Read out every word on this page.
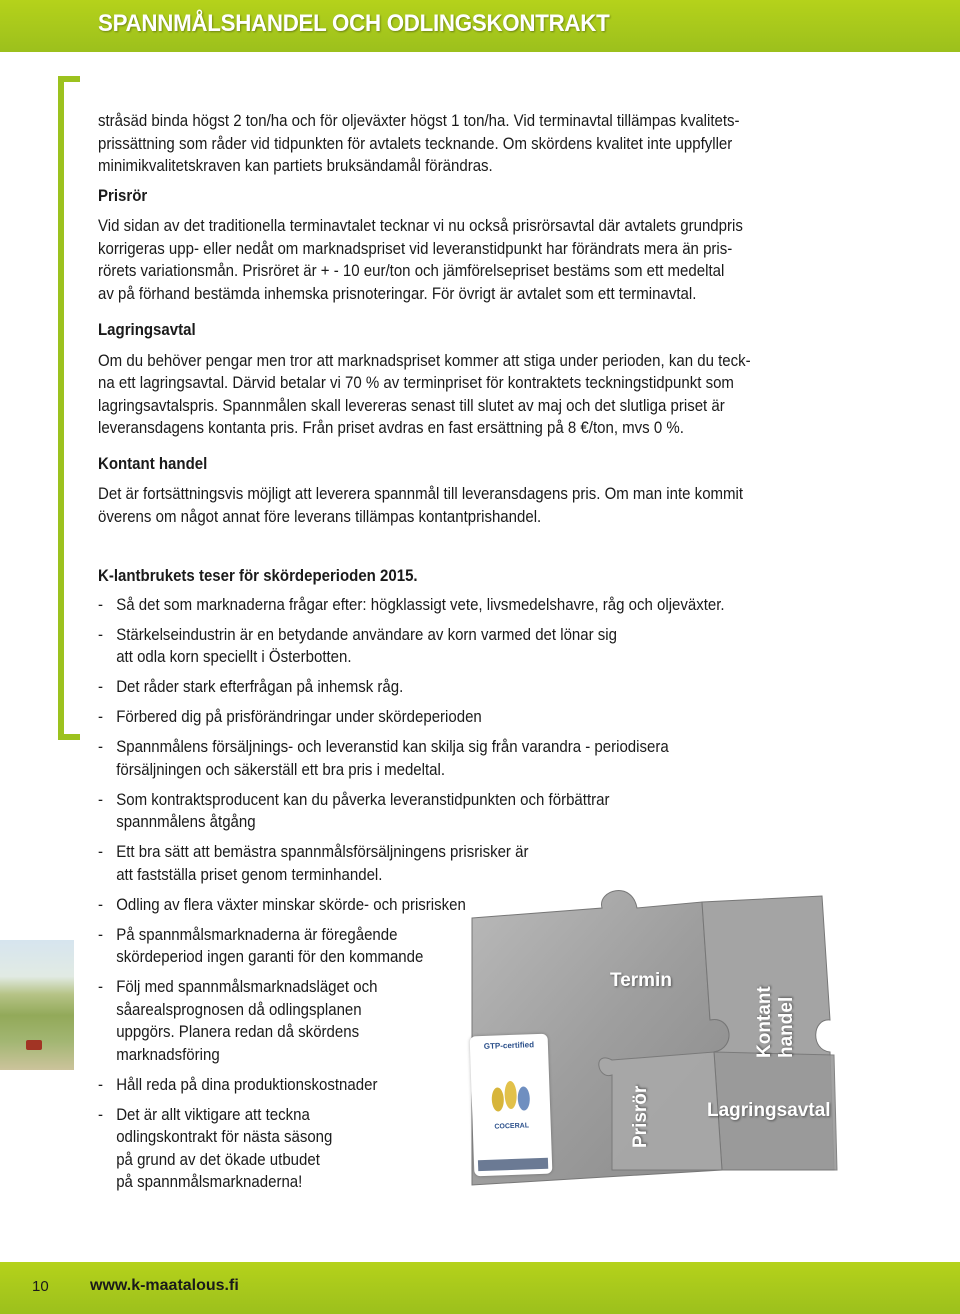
SPANNMÅLSHANDEL OCH ODLINGSKONTRAKT

stråsäd binda högst 2 ton/ha och för oljeväxter högst 1 ton/ha. Vid terminavtal tillämpas kvalitets-

prissättning som råder vid tidpunkten för avtalets tecknande. Om skördens kvalitet inte uppfyller

minimikvalitetskraven kan partiets bruksändamål förändras.

Prisrör

Vid sidan av det traditionella terminavtalet tecknar vi nu också prisrörsavtal där avtalets grundpris

korrigeras upp- eller nedåt om marknadspriset vid leveranstidpunkt har förändrats mera än pris-

rörets variationsmån. Prisröret är + - 10 eur/ton och jämförelsepriset bestäms som ett medeltal

av på förhand bestämda inhemska prisnoteringar. För övrigt är avtalet som ett terminavtal.

Lagringsavtal

Om du behöver pengar men tror att marknadspriset kommer att stiga under perioden, kan du teck-

na ett lagringsavtal. Därvid betalar vi 70 % av terminpriset för kontraktets teckningstidpunkt som

lagringsavtalspris. Spannmålen skall levereras senast till slutet av maj och det slutliga priset är

leveransdagens kontanta pris. Från priset avdras en fast ersättning på 8 €/ton, mvs 0 %.

Kontant handel

Det är fortsättningsvis möjligt att leverera spannmål till leveransdagens pris. Om man inte kommit

överens om något annat före leverans tillämpas kontantprishandel.

K-lantbrukets teser för skördeperioden 2015.

- Så det som marknaderna frågar efter: högklassigt vete, livsmedelshavre, råg och oljeväxter.
- Stärkelseindustrin är en betydande användare av korn varmed det lönar sig
att odla korn speciellt i Österbotten.
- Det råder stark efterfrågan på inhemsk råg.
- Förbered dig på prisförändringar under skördeperioden
- Spannmålens försäljnings- och leveranstid kan skilja sig från varandra - periodisera
försäljningen och säkerställ ett bra pris i medeltal.
- Som kontraktsproducent kan du påverka leveranstidpunkten och förbättrar
spannmålens åtgång
- Ett bra sätt att bemästra spannmålsförsäljningens prisrisker är
att fastställa priset genom terminhandel.
- Odling av flera växter minskar skörde- och prisrisken
- På spannmålsmarknaderna är föregående
skördeperiod ingen garanti för den kommande
- Följ med spannmålsmarknadsläget och
såarealsprognosen då odlingsplanen
uppgörs. Planera redan då skördens
marknadsföring
- Håll reda på dina produktionskostnader
- Det är allt viktigare att teckna
odlingskontrakt för nästa säsong
på grund av det ökade utbudet
på spannmålsmarknaderna!
GTP-certified
COCERAL
Termin
Kontant handel
Lagringsavtal
Prisrör
10	www.k-maatalous.fi
